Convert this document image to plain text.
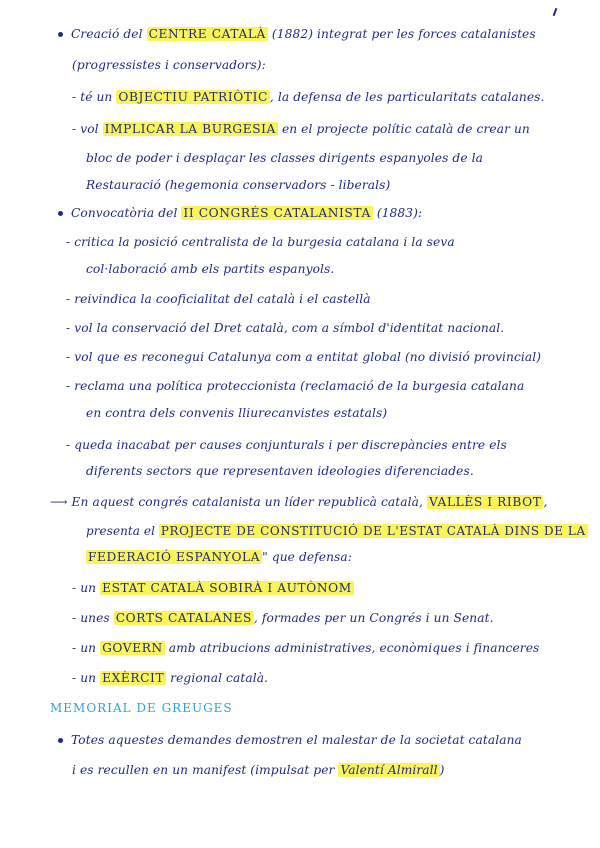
Creació del CENTRE CATALÀ (1882) integrat per les forces catalanistes
(progressistes i conservadors):
- té un OBJECTIU PATRIÒTIC , la defensa de les particularitats catalanes.
- vol IMPLICAR LA BURGESIA en el projecte polític català de crear un
bloc de poder i desplaçar les classes dirigents espanyoles de la
Restauració (hegemonia conservadors - liberals)
Convocatòria del II CONGRÉS CATALANISTA (1883):
- critica la posició centralista de la burgesia catalana i la seva
col·laboració amb els partits espanyols.
- reivindica la cooficialitat del català i el castellà
- vol la conservació del Dret català, com a símbol d'identitat nacional.
- vol que es reconegui Catalunya com a entitat global (no divisió provincial)
- reclama una política proteccionista (reclamació de la burgesia catalana
en contra dels convenis lliurecanvistes estatals)
- queda inacabat per causes conjunturals i per discrepàncies entre els
diferents sectors que representaven ideologies diferenciades.
⟶ En aquest congrés catalanista un líder republicà català, VALLÈS I RIBOT ,
presenta el PROJECTE DE CONSTITUCIÓ DE L'ESTAT CATALÀ DINS DE LA
FEDERACIÓ ESPANYOLA " que defensa:
- un ESTAT CATALÀ SOBIRÀ I AUTÒNOM
- unes CORTS CATALANES , formades per un Congrés i un Senat.
- un GOVERN amb atribucions administratives, econòmiques i financeres
- un EXÈRCIT regional català.
MEMORIAL DE GREUGES
Totes aquestes demandes demostren el malestar de la societat catalana
i es recullen en un manifest (impulsat per Valentí Almirall )
